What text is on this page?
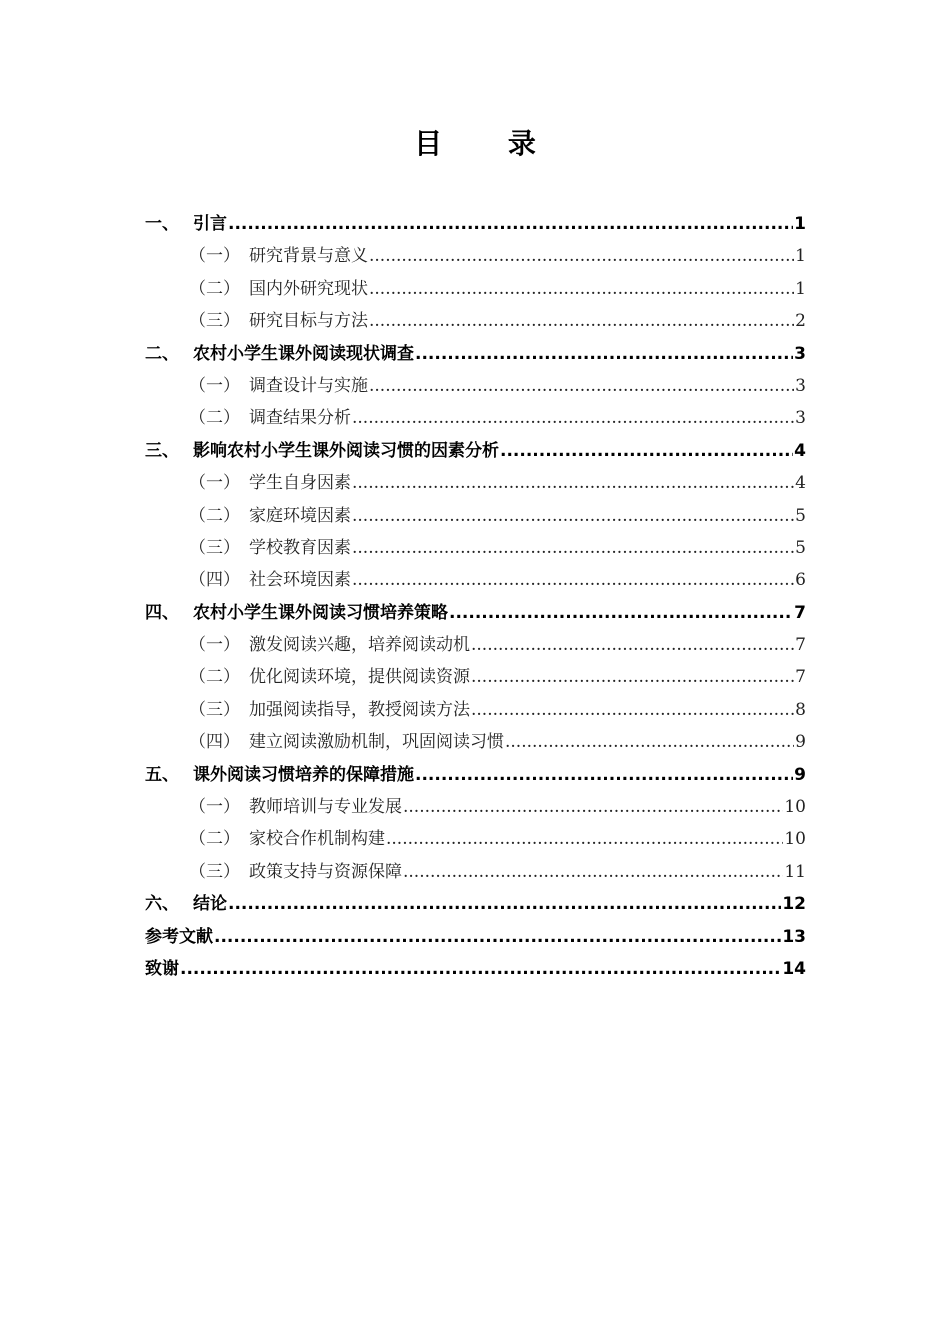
目 录
一、 引言 .....	1
（一） 研究背景与意义 .....	1
（二） 国内外研究现状 .....	1
（三） 研究目标与方法 .....	2
二、 农村小学生课外阅读现状调查 .....	3
（一） 调查设计与实施 .....	3
（二） 调查结果分析 .....	3
三、 影响农村小学生课外阅读习惯的因素分析 .....	4
（一） 学生自身因素 .....	4
（二） 家庭环境因素 .....	5
（三） 学校教育因素 .....	5
（四） 社会环境因素 .....	6
四、 农村小学生课外阅读习惯培养策略 .....	7
（一） 激发阅读兴趣，培养阅读动机 .....	7
（二） 优化阅读环境，提供阅读资源 .....	7
（三） 加强阅读指导，教授阅读方法 .....	8
（四） 建立阅读激励机制，巩固阅读习惯 .....	9
五、 课外阅读习惯培养的保障措施 .....	9
（一） 教师培训与专业发展 .....	10
（二） 家校合作机制构建 .....	10
（三） 政策支持与资源保障 .....	11
六、 结论 .....	12
参考文献 .....	13
致谢 .....	14
